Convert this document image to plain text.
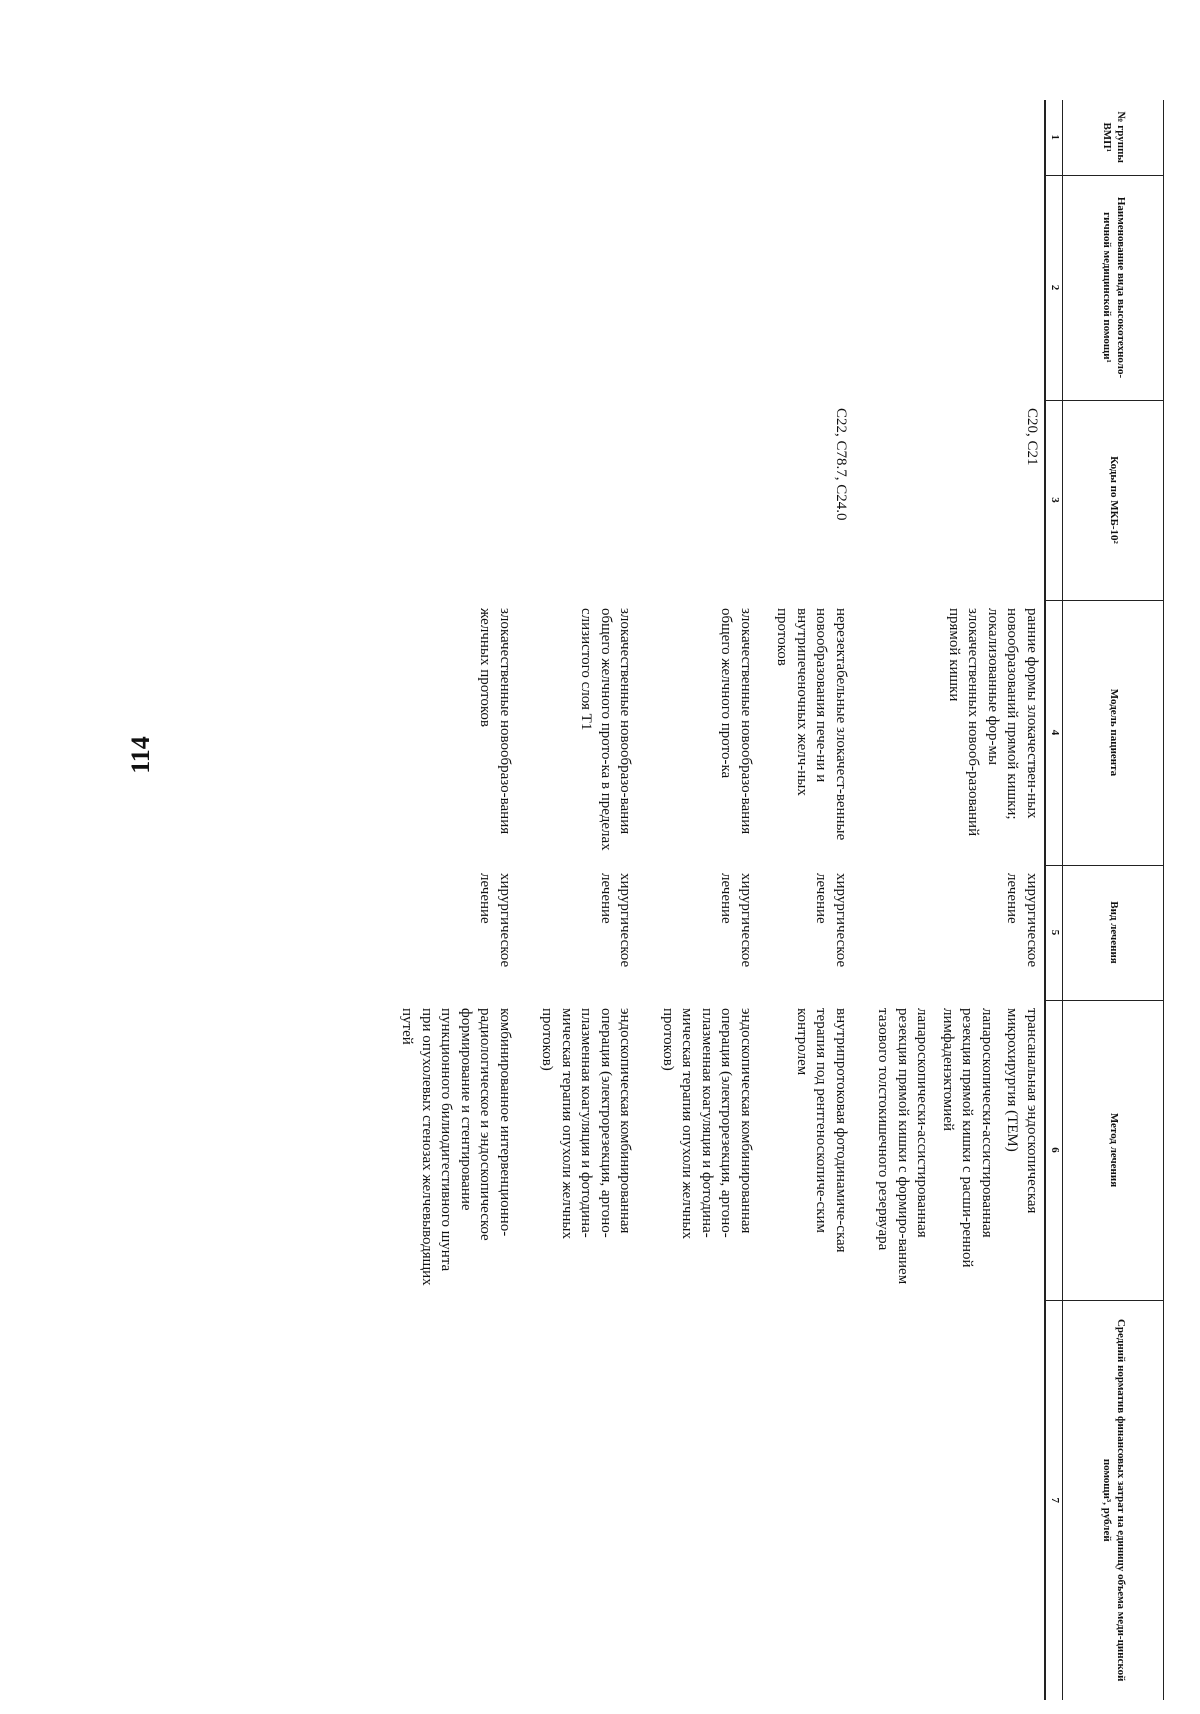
114
№ группы ВМП¹	Наименование вида высокотехноло-гичной медицинской помощи¹	Коды по МКБ-10²	Модель пациента	Вид лечения	Метод лечения	Средний норматив финансовых затрат на единицу объема меди-цинской помощи³, рублей
1	2	3	4	5	6	7
		C20, C21	ранние формы злокачествен-ных новообразований прямой кишки; локализованные фор-мы злокачественных новооб-разований прямой кишки	хирургическое лечение	трансанальная эндоскопическая микрохирургия (ТЕМ)

лапароскопически-ассистированная резекция прямой кишки с расши-ренной лимфаденэктомией

лапароскопически-ассистированная резекция прямой кишки с формиро-ванием тазового толстокишечного резервуара	

		C22, C78.7, C24.0	нерезектабельные злокачест-венные новообразования пече-ни и внутрипеченочных желч-ных протоков	хирургическое лечение	внутрипротоковая фотодинамиче-ская терапия под рентгеноскопиче-ским контролем	

			злокачественные новообразо-вания общего желчного прото-ка	хирургическое лечение	эндоскопическая комбинированная операция (электрорезекция, аргоно-плазменная коагуляция и фотодина-мическая терапия опухоли желчных протоков)	

			злокачественные новообразо-вания общего желчного прото-ка в пределах слизистого слоя T1	хирургическое лечение	эндоскопическая комбинированная операция (электрорезекция, аргоно-плазменная коагуляция и фотодина-мическая терапия опухоли желчных протоков)	

			злокачественные новообразо-вания желчных протоков	хирургическое лечение	комбинированное интервенционно-радиологическое и эндоскопическое формирование и стентирование пункционного билиодигестивного шунта при опухолевых стенозах желчевыводящих путей	
